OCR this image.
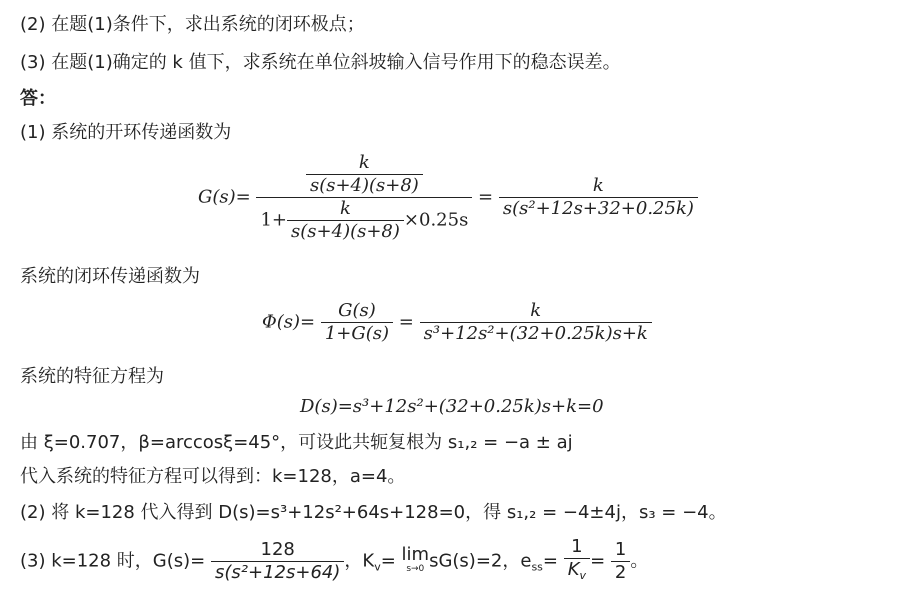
(2) 在题(1)条件下，求出系统的闭环极点；
(3) 在题(1)确定的 k 值下，求系统在单位斜坡输入信号作用下的稳态误差。
答：
(1) 系统的开环传递函数为
$G(s)= \frac{\frac{k}{s(s+4)(s+8)}}{1+ \frac{k}{s(s+4)(s+8)} \times 0.25s} = \frac{k}{\text{s(s²+12s+32+0.25k)}}$
系统的闭环传递函数为
$\Phi(s)= \frac{G(s)}{1+G(s)} = \frac{k}{\text{s³+12s²+(32+0.25k)s+k}}$
系统的特征方程为
D(s)=s³+12s²+(32+0.25k)s+k=0
由 ξ=0.707，β=arccosξ=45°，可设此共轭复根为 s₁,₂ = −a ± aj
代入系统的特征方程可以得到：k=128，a=4。
(2) 将 k=128 代入得到 D(s)=s³+12s²+64s+128=0，得 s₁,₂ = −4±4j，s₃ = −4。
(3) k=128 时，$G(s)= \frac{128}{\text{s(s²+12s+64)}}$ ，$K_v= \lim$
s→0 sG(s)=2，$e_{ss}= \frac{1}{K_v} = \frac{1}{2}$ 。
